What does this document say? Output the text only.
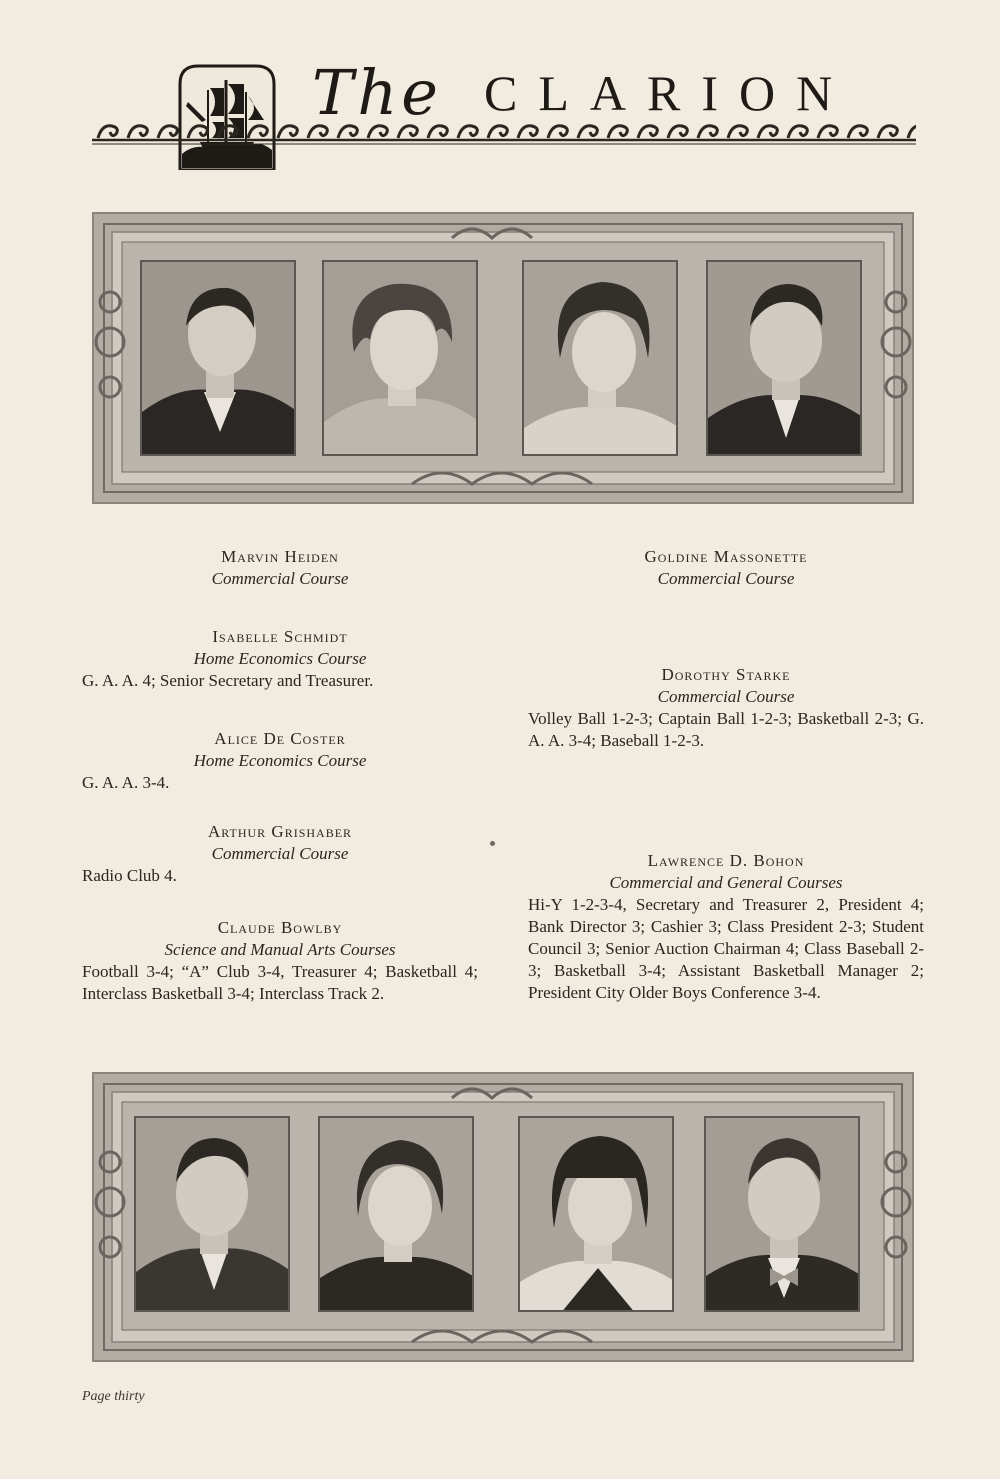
The CLARION
Marvin Heiden
Commercial Course
Isabelle Schmidt
Home Economics Course
G. A. A. 4; Senior Secretary and Treasurer.
Alice De Coster
Home Economics Course
G. A. A. 3-4.
Arthur Grishaber
Commercial Course
Radio Club 4.
Claude Bowlby
Science and Manual Arts Courses
Football 3-4; “A” Club 3-4, Treasurer 4; Basketball 4; Interclass Basketball 3-4; Interclass Track 2.
Goldine Massonette
Commercial Course
Dorothy Starke
Commercial Course
Volley Ball 1-2-3; Captain Ball 1-2-3; Basketball 2-3; G. A. A. 3-4; Baseball 1-2-3.
Lawrence D. Bohon
Commercial and General Courses
Hi-Y 1-2-3-4, Secretary and Treasurer 2, President 4; Bank Director 3; Cashier 3; Class President 2-3; Student Council 3; Senior Auction Chairman 4; Class Baseball 2-3; Basketball 3-4; Assistant Basketball Manager 2; President City Older Boys Conference 3-4.
Page thirty
